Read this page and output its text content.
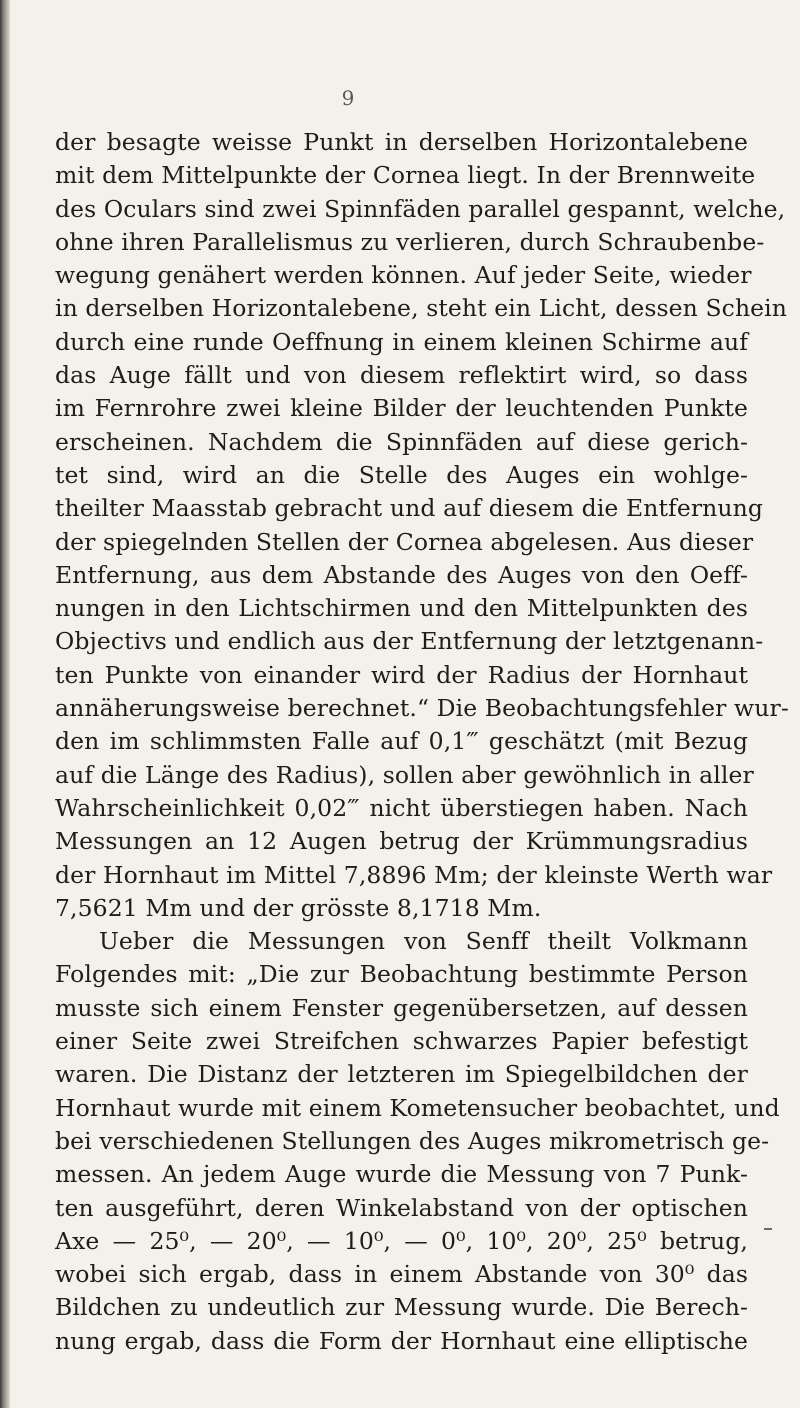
9
der besagte weisse Punkt in derselben Horizontalebene
mit dem Mittelpunkte der Cornea liegt. In der Brennweite
des Oculars sind zwei Spinnfäden parallel gespannt, welche,
ohne ihren Parallelismus zu verlieren, durch Schraubenbe-
wegung genähert werden können. Auf jeder Seite, wieder
in derselben Horizontalebene, steht ein Licht, dessen Schein
durch eine runde Oeffnung in einem kleinen Schirme auf
das Auge fällt und von diesem reflektirt wird, so dass
im Fernrohre zwei kleine Bilder der leuchtenden Punkte
erscheinen. Nachdem die Spinnfäden auf diese gerich-
tet sind, wird an die Stelle des Auges ein wohlge-
theilter Maasstab gebracht und auf diesem die Entfernung
der spiegelnden Stellen der Cornea abgelesen. Aus dieser
Entfernung, aus dem Abstande des Auges von den Oeff-
nungen in den Lichtschirmen und den Mittelpunkten des
Objectivs und endlich aus der Entfernung der letztgenann-
ten Punkte von einander wird der Radius der Hornhaut
annäherungsweise berechnet.“ Die Beobachtungsfehler wur-
den im schlimmsten Falle auf 0,1‴ geschätzt (mit Bezug
auf die Länge des Radius), sollen aber gewöhnlich in aller
Wahrscheinlichkeit 0,02‴ nicht überstiegen haben. Nach
Messungen an 12 Augen betrug der Krümmungsradius
der Hornhaut im Mittel 7,8896 Mm; der kleinste Werth war
7,5621 Mm und der grösste 8,1718 Mm.
Ueber die Messungen von Senff theilt Volkmann
Folgendes mit: „Die zur Beobachtung bestimmte Person
musste sich einem Fenster gegenübersetzen, auf dessen
einer Seite zwei Streifchen schwarzes Papier befestigt
waren. Die Distanz der letzteren im Spiegelbildchen der
Hornhaut wurde mit einem Kometensucher beobachtet, und
bei verschiedenen Stellungen des Auges mikrometrisch ge-
messen. An jedem Auge wurde die Messung von 7 Punk-
ten ausgeführt, deren Winkelabstand von der optischen
Axe — 25⁰, — 20⁰, — 10⁰, — 0⁰, 10⁰, 20⁰, 25⁰ betrug,
wobei sich ergab, dass in einem Abstande von 30⁰ das
Bildchen zu undeutlich zur Messung wurde. Die Berech-
nung ergab, dass die Form der Hornhaut eine elliptische
